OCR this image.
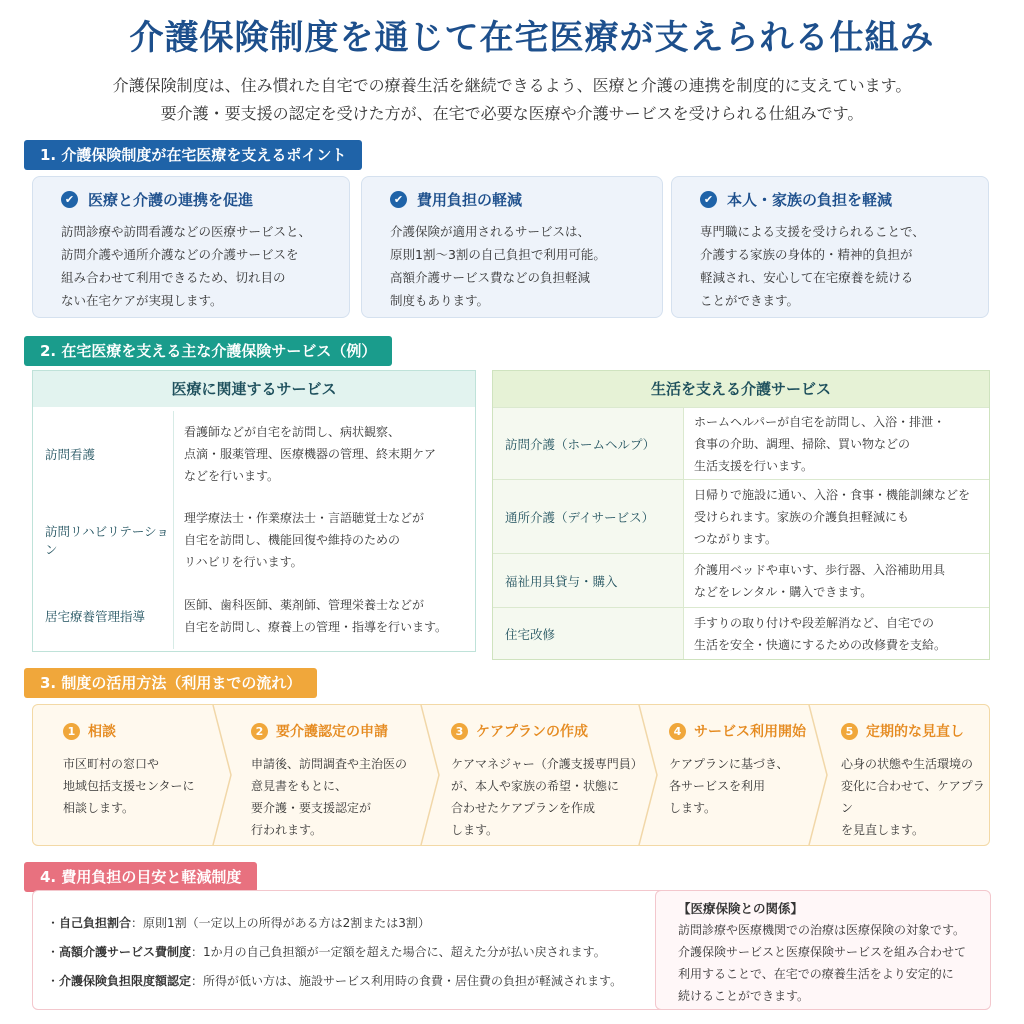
介護保険制度を通じて在宅医療が支えられる仕組み
介護保険制度は、住み慣れた自宅での療養生活を継続できるよう、医療と介護の連携を制度的に支えています。
要介護・要支援の認定を受けた方が、在宅で必要な医療や介護サービスを受けられる仕組みです。
1. 介護保険制度が在宅医療を支えるポイント
✔ 医療と介護の連携を促進
訪問診療や訪問看護などの医療サービスと、
訪問介護や通所介護などの介護サービスを
組み合わせて利用できるため、切れ目の
ない在宅ケアが実現します。
✔ 費用負担の軽減
介護保険が適用されるサービスは、
原則1割〜3割の自己負担で利用可能。
高額介護サービス費などの負担軽減
制度もあります。
✔ 本人・家族の負担を軽減
専門職による支援を受けられることで、
介護する家族の身体的・精神的負担が
軽減され、安心して在宅療養を続ける
ことができます。
2. 在宅医療を支える主な介護保険サービス（例）
医療に関連するサービス
訪問看護
看護師などが自宅を訪問し、病状観察、
点滴・服薬管理、医療機器の管理、終末期ケア
などを行います。
訪問リハビリテーション
理学療法士・作業療法士・言語聴覚士などが
自宅を訪問し、機能回復や維持のための
リハビリを行います。
居宅療養管理指導
医師、歯科医師、薬剤師、管理栄養士などが
自宅を訪問し、療養上の管理・指導を行います。
生活を支える介護サービス
訪問介護（ホームヘルプ）
ホームヘルパーが自宅を訪問し、入浴・排泄・
食事の介助、調理、掃除、買い物などの
生活支援を行います。
通所介護（デイサービス）
日帰りで施設に通い、入浴・食事・機能訓練などを
受けられます。家族の介護負担軽減にも
つながります。
福祉用具貸与・購入
介護用ベッドや車いす、歩行器、入浴補助用具
などをレンタル・購入できます。
住宅改修
手すりの取り付けや段差解消など、自宅での
生活を安全・快適にするための改修費を支給。
3. 制度の活用方法（利用までの流れ）
1 相談
市区町村の窓口や
地域包括支援センターに
相談します。
2 要介護認定の申請
申請後、訪問調査や主治医の
意見書をもとに、
要介護・要支援認定が
行われます。
3 ケアプランの作成
ケアマネジャー（介護支援専門員）
が、本人や家族の希望・状態に
合わせたケアプランを作成
します。
4 サービス利用開始
ケアプランに基づき、
各サービスを利用
します。
5 定期的な見直し
心身の状態や生活環境の
変化に合わせて、ケアプラン
を見直します。
4. 費用負担の目安と軽減制度
・自己負担割合：原則1割（一定以上の所得がある方は2割または3割）
・高額介護サービス費制度：1か月の自己負担額が一定額を超えた場合に、超えた分が払い戻されます。
・介護保険負担限度額認定：所得が低い方は、施設サービス利用時の食費・居住費の負担が軽減されます。
【医療保険との関係】
訪問診療や医療機関での治療は医療保険の対象です。
介護保険サービスと医療保険サービスを組み合わせて
利用することで、在宅での療養生活をより安定的に
続けることができます。
